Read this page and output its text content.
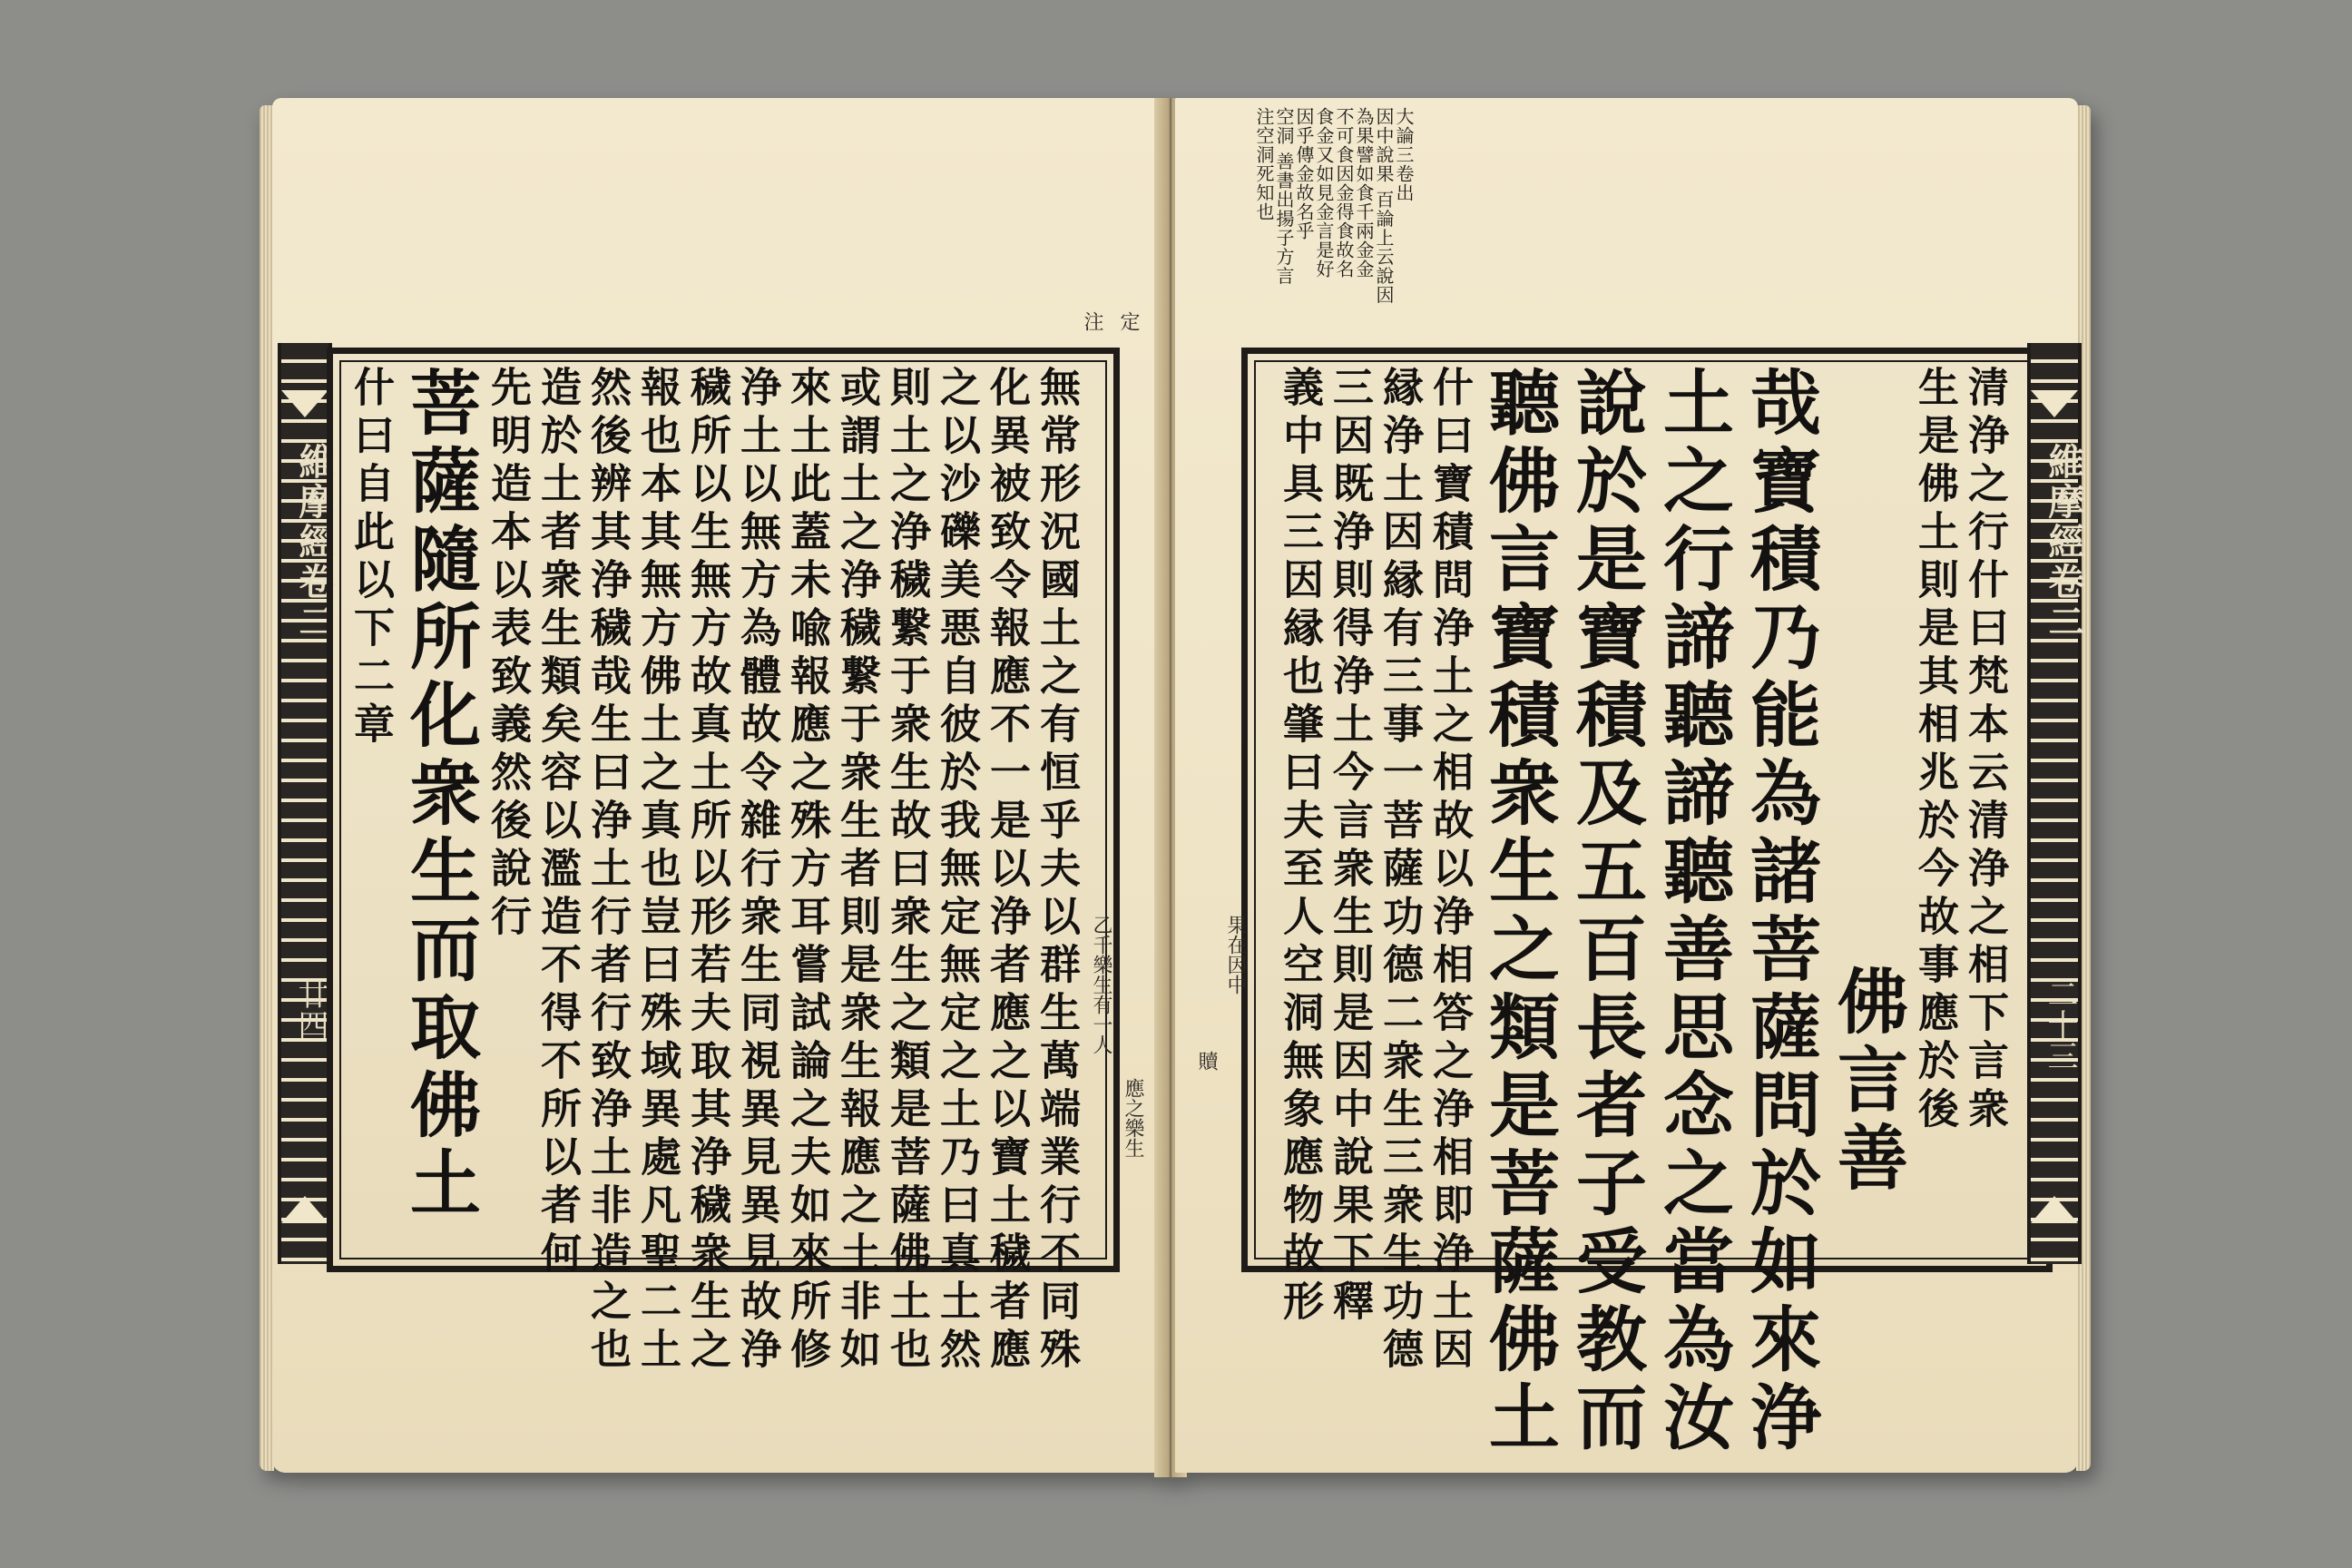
維摩經卷二
廿四	無常形況國土之有恒乎夫以群生萬端業行不同殊
化異被致令報應不一是以浄者應之以寶土穢者應
之以沙礫美悪自彼於我無定無定之土乃曰真土然
則土之浄穢繋于衆生故曰衆生之類是菩薩佛土也
或謂土之浄穢繋于衆生者則是衆生報應之土非如
來土此蓋未喩報應之殊方耳嘗試論之夫如來所修
浄土以無方為體故令雜行衆生同視異見異見故浄
穢所以生無方故真土所以形若夫取其浄穢衆生之
報也本其無方佛土之真也豈曰殊域異處凡聖二土
然後辨其浄穢哉生曰浄土行者行致浄土非造之也
造於土者衆生類矣容以濫造不得不所以者何
先明造本以表致義然後說行
菩薩隨所化衆生而取佛土
什曰自此以下二章
注 定
乙千樂生有一人
應之樂生
維摩經卷二
二十三
清浄之行什曰梵本云清浄之相下言衆
生是佛土則是其相兆於今故事應於後
佛言善
哉寶積乃能為諸菩薩問於如來浄
土之行諦聽諦聽善思念之當為汝
說於是寶積及五百長者子受教而
聽佛言寶積衆生之類是菩薩佛土
什曰寶積問浄土之相故以浄相答之浄相即浄土因
縁浄土因縁有三事一菩薩功德二衆生三衆生功德
三因既浄則得浄土今言衆生則是因中說果下釋
義中具三因縁也肇曰夫至人空洞無象應物故形
大論三卷出
因中說果 百論上云說因
為果譬如食千兩金金
不可食因金得食故名
食金又如見金言是好
因乎傳金故名乎
空洞 善書出揚子方言
注空洞死知也
果在因中
贖
